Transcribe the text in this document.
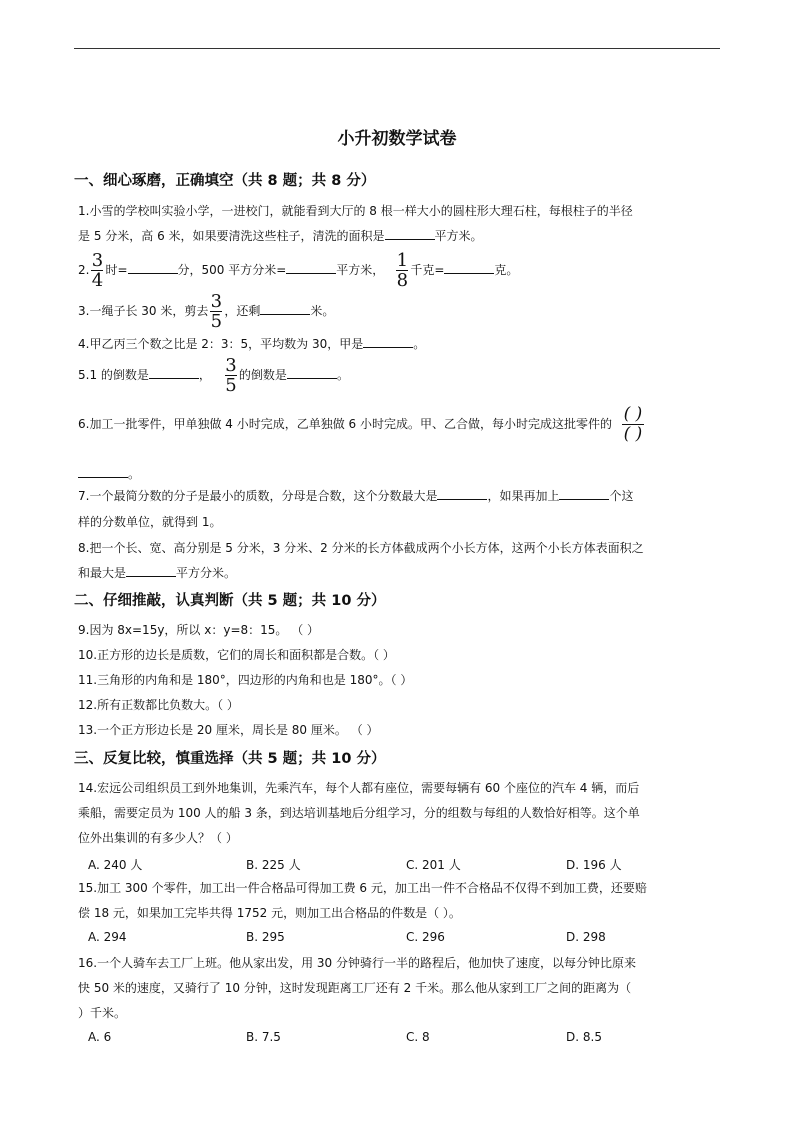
小升初数学试卷
一、细心琢磨，正确填空（共 8 题；共 8 分）
1.小雪的学校叫实验小学，一进校门，就能看到大厅的 8 根一样大小的圆柱形大理石柱，每根柱子的半径
是 5 分米，高 6 米，如果要清洗这些柱子，清洗的面积是	平方米。
2. $\frac{3}{4}$ 时=	分，500 平方分米=	平方米， $\frac{1}{8}$ 千克=	克。
3.一绳子长 30 米，剪去 $\frac{3}{5}$ ，还剩	米。
4.甲乙丙三个数之比是 2：3：5，平均数为 30，甲是	。
5.1 的倒数是	， $\frac{3}{5}$ 的倒数是	。
6.加工一批零件，甲单独做 4 小时完成，乙单独做 6 小时完成。甲、乙合做，每小时完成这批零件的 ( )
( )
。
7.一个最简分数的分子是最小的质数，分母是合数，这个分数最大是	，如果再加上	个这
样的分数单位，就得到 1。
8.把一个长、宽、高分别是 5 分米，3 分米、2 分米的长方体截成两个小长方体，这两个小长方体表面积之
和最大是	平方分米。
二、仔细推敲，认真判断（共 5 题；共 10 分）
9.因为 8x=15y，所以 x：y=8：15。 （ ）
10.正方形的边长是质数，它们的周长和面积都是合数。（ ）
11.三角形的内角和是 180°，四边形的内角和也是 180°。（ ）
12.所有正数都比负数大。（ ）
13.一个正方形边长是 20 厘米，周长是 80 厘米。 （ ）
三、反复比较，慎重选择（共 5 题；共 10 分）
14.宏远公司组织员工到外地集训，先乘汽车，每个人都有座位，需要每辆有 60 个座位的汽车 4 辆，而后
乘船，需要定员为 100 人的船 3 条，到达培训基地后分组学习，分的组数与每组的人数恰好相等。这个单
位外出集训的有多少人？（ ）
A. 240 人	B. 225 人	C. 201 人	D. 196 人
15.加工 300 个零件，加工出一件合格品可得加工费 6 元，加工出一件不合格品不仅得不到加工费，还要赔
偿 18 元，如果加工完毕共得 1752 元，则加工出合格品的件数是（ ）。
A. 294	B. 295	C. 296	D. 298
16.一个人骑车去工厂上班。他从家出发，用 30 分钟骑行一半的路程后，他加快了速度，以每分钟比原来
快 50 米的速度，又骑行了 10 分钟，这时发现距离工厂还有 2 千米。那么他从家到工厂之间的距离为（
）千米。
A. 6	B. 7.5	C. 8	D. 8.5
